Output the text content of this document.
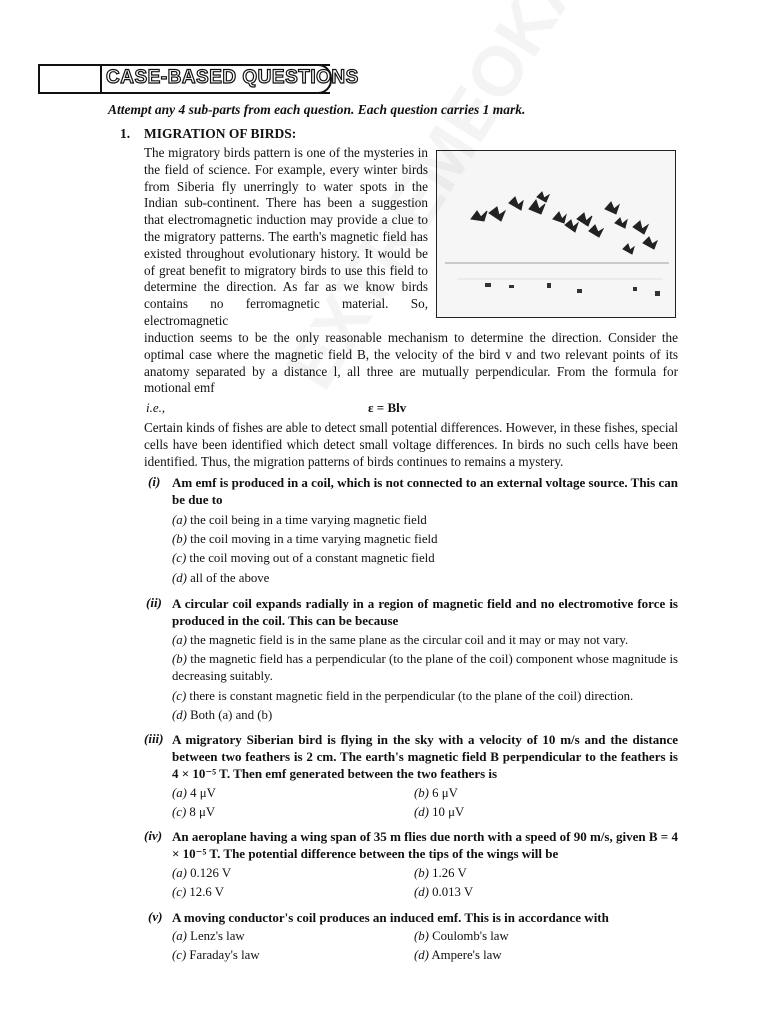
CASE-BASED QUESTIONS
Attempt any 4 sub-parts from each question. Each question carries 1 mark.
1. MIGRATION OF BIRDS:
The migratory birds pattern is one of the mysteries in the field of science. For example, every winter birds from Siberia fly unerringly to water spots in the Indian sub-continent. There has been a suggestion that electromagnetic induction may provide a clue to the migratory patterns. The earth's magnetic field has existed throughout evolutionary history. It would be of great benefit to migratory birds to use this field to determine the direction. As far as we know birds contains no ferromagnetic material. So, electromagnetic
induction seems to be the only reasonable mechanism to determine the direction. Consider the optimal case where the magnetic field B, the velocity of the bird v and two relevant points of its anatomy separated by a distance l, all three are mutually perpendicular. From the formula for motional emf
i.e.,	ε = Blv
Certain kinds of fishes are able to detect small potential differences. However, in these fishes, special cells have been identified which detect small voltage differences. In birds no such cells have been identified. Thus, the migration patterns of birds continues to remains a mystery.
(i) Am emf is produced in a coil, which is not connected to an external voltage source. This can be due to
(a) the coil being in a time varying magnetic field
(b) the coil moving in a time varying magnetic field
(c) the coil moving out of a constant magnetic field
(d) all of the above
(ii) A circular coil expands radially in a region of magnetic field and no electromotive force is produced in the coil. This can be because
(a) the magnetic field is in the same plane as the circular coil and it may or may not vary.
(b) the magnetic field has a perpendicular (to the plane of the coil) component whose magnitude is decreasing suitably.
(c) there is constant magnetic field in the perpendicular (to the plane of the coil) direction.
(d) Both (a) and (b)
(iii) A migratory Siberian bird is flying in the sky with a velocity of 10 m/s and the distance between two feathers is 2 cm. The earth's magnetic field B perpendicular to the feathers is 4 × 10⁻⁵ T. Then emf generated between the two feathers is
(a) 4 μV	(b) 6 μV
(c) 8 μV	(d) 10 μV
(iv) An aeroplane having a wing span of 35 m flies due north with a speed of 90 m/s, given B = 4 × 10⁻⁵ T. The potential difference between the tips of the wings will be
(a) 0.126 V	(b) 1.26 V
(c) 12.6 V	(d) 0.013 V
(v) A moving conductor's coil produces an induced emf. This is in accordance with
(a) Lenz's law	(b) Coulomb's law
(c) Faraday's law	(d) Ampere's law
